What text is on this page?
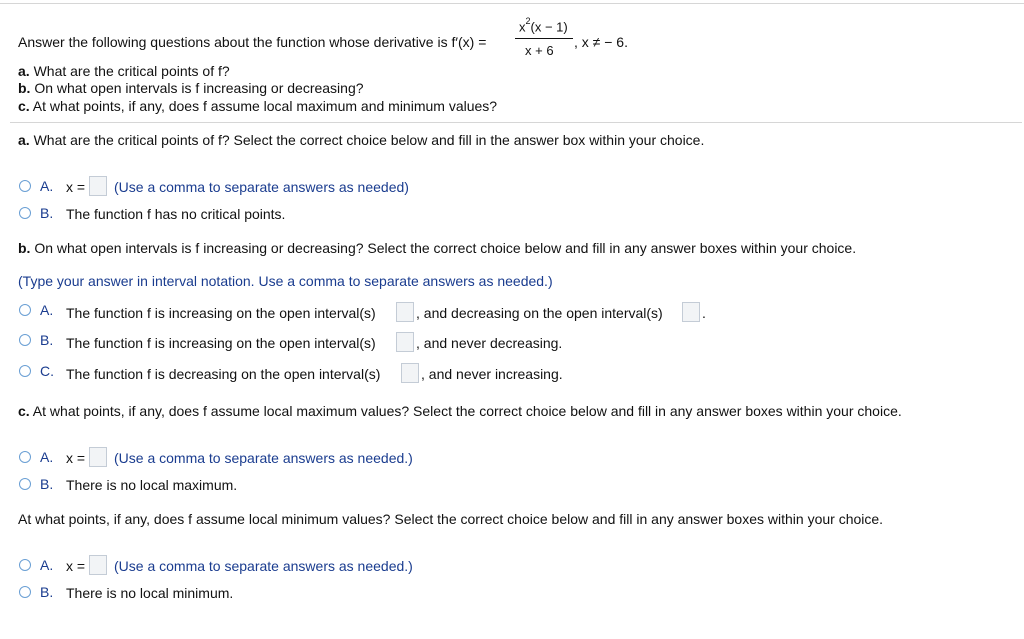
Answer the following questions about the function whose derivative is f′(x) =
$x^2(x - 1)$
x + 6
, x ≠ − 6.
a. What are the critical points of f?
b. On what open intervals is f increasing or decreasing?
c. At what points, if any, does f assume local maximum and minimum values?
a. What are the critical points of f? Select the correct choice below and fill in the answer box within your choice.
A. x = (Use a comma to separate answers as needed)
B. The function f has no critical points.
b. On what open intervals is f increasing or decreasing? Select the correct choice below and fill in any answer boxes within your choice.
(Type your answer in interval notation. Use a comma to separate answers as needed.)
A. The function f is increasing on the open interval(s)	, and decreasing on the open interval(s)	.
B. The function f is increasing on the open interval(s)	, and never decreasing.
C. The function f is decreasing on the open interval(s)	, and never increasing.
c. At what points, if any, does f assume local maximum values? Select the correct choice below and fill in any answer boxes within your choice.
A. x = (Use a comma to separate answers as needed.)
B. There is no local maximum.
At what points, if any, does f assume local minimum values? Select the correct choice below and fill in any answer boxes within your choice.
A. x = (Use a comma to separate answers as needed.)
B. There is no local minimum.
